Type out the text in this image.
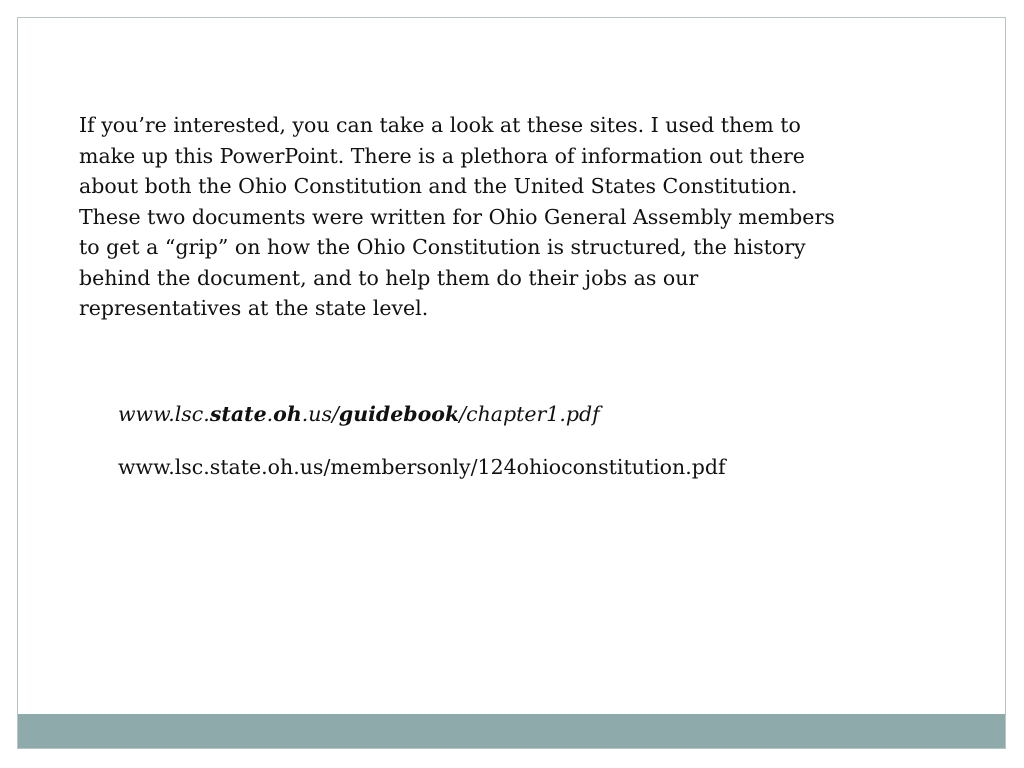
If you’re interested, you can take a look at these sites. I used them to make up this PowerPoint. There is a plethora of information out there about both the Ohio Constitution and the United States Constitution. These two documents were written for Ohio General Assembly members to get a “grip” on how the Ohio Constitution is structured, the history behind the document, and to help them do their jobs as our representatives at the state level.

www.lsc.state.oh.us/guidebook/chapter1.pdf

www.lsc.state.oh.us/membersonly/124ohioconstitution.pdf
